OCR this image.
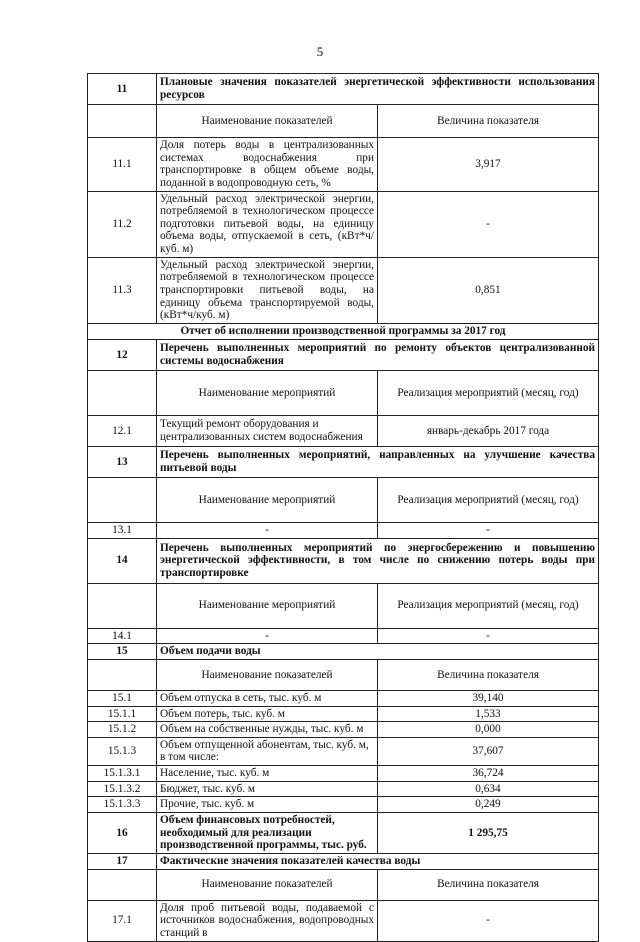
5
11	Плановые значения показателей энергетической эффективности использования ресурсов	
	Наименование показателей	Величина показателя
11.1	Доля потерь воды в централизованных системах водоснабжения при транспортировке в общем объеме воды, поданной в водопроводную сеть, %	3,917
11.2	Удельный расход электрической энергии, потребляемой в технологическом процессе подготовки питьевой воды, на единицу объема воды, отпускаемой в сеть, (кВт*ч/куб. м)	-
11.3	Удельный расход электрической энергии, потребляемой в технологическом процессе транспортировки питьевой воды, на единицу объема транспортируемой воды, (кВт*ч/куб. м)	0,851
Отчет об исполнении производственной программы за 2017 год		
12	Перечень выполненных мероприятий по ремонту объектов централизованной системы водоснабжения	
	Наименование мероприятий	Реализация мероприятий (месяц, год)
12.1	Текущий ремонт оборудования и централизованных систем водоснабжения	январь-декабрь 2017 года
13	Перечень выполненных мероприятий, направленных на улучшение качества питьевой воды	
	Наименование мероприятий	Реализация мероприятий (месяц, год)
13.1	-	-
14	Перечень выполненных мероприятий по энергосбережению и повышению энергетической эффективности, в том числе по снижению потерь воды при транспортировке	
	Наименование мероприятий	Реализация мероприятий (месяц, год)
14.1	-	-
15	Объем подачи воды	
	Наименование показателей	Величина показателя
15.1	Объем отпуска в сеть, тыс. куб. м	39,140
15.1.1	Объем потерь, тыс. куб. м	1,533
15.1.2	Объем на собственные нужды, тыс. куб. м	0,000
15.1.3	Объем отпущенной абонентам, тыс. куб. м, в том числе:	37,607
15.1.3.1	Население, тыс. куб. м	36,724
15.1.3.2	Бюджет, тыс. куб. м	0,634
15.1.3.3	Прочие, тыс. куб. м	0,249
16	Объем финансовых потребностей, необходимый для реализации производственной программы, тыс. руб.	1 295,75
17	Фактические значения показателей качества воды	
	Наименование показателей	Величина показателя
17.1	Доля проб питьевой воды, подаваемой с источников водоснабжения, водопроводных станций в	-
